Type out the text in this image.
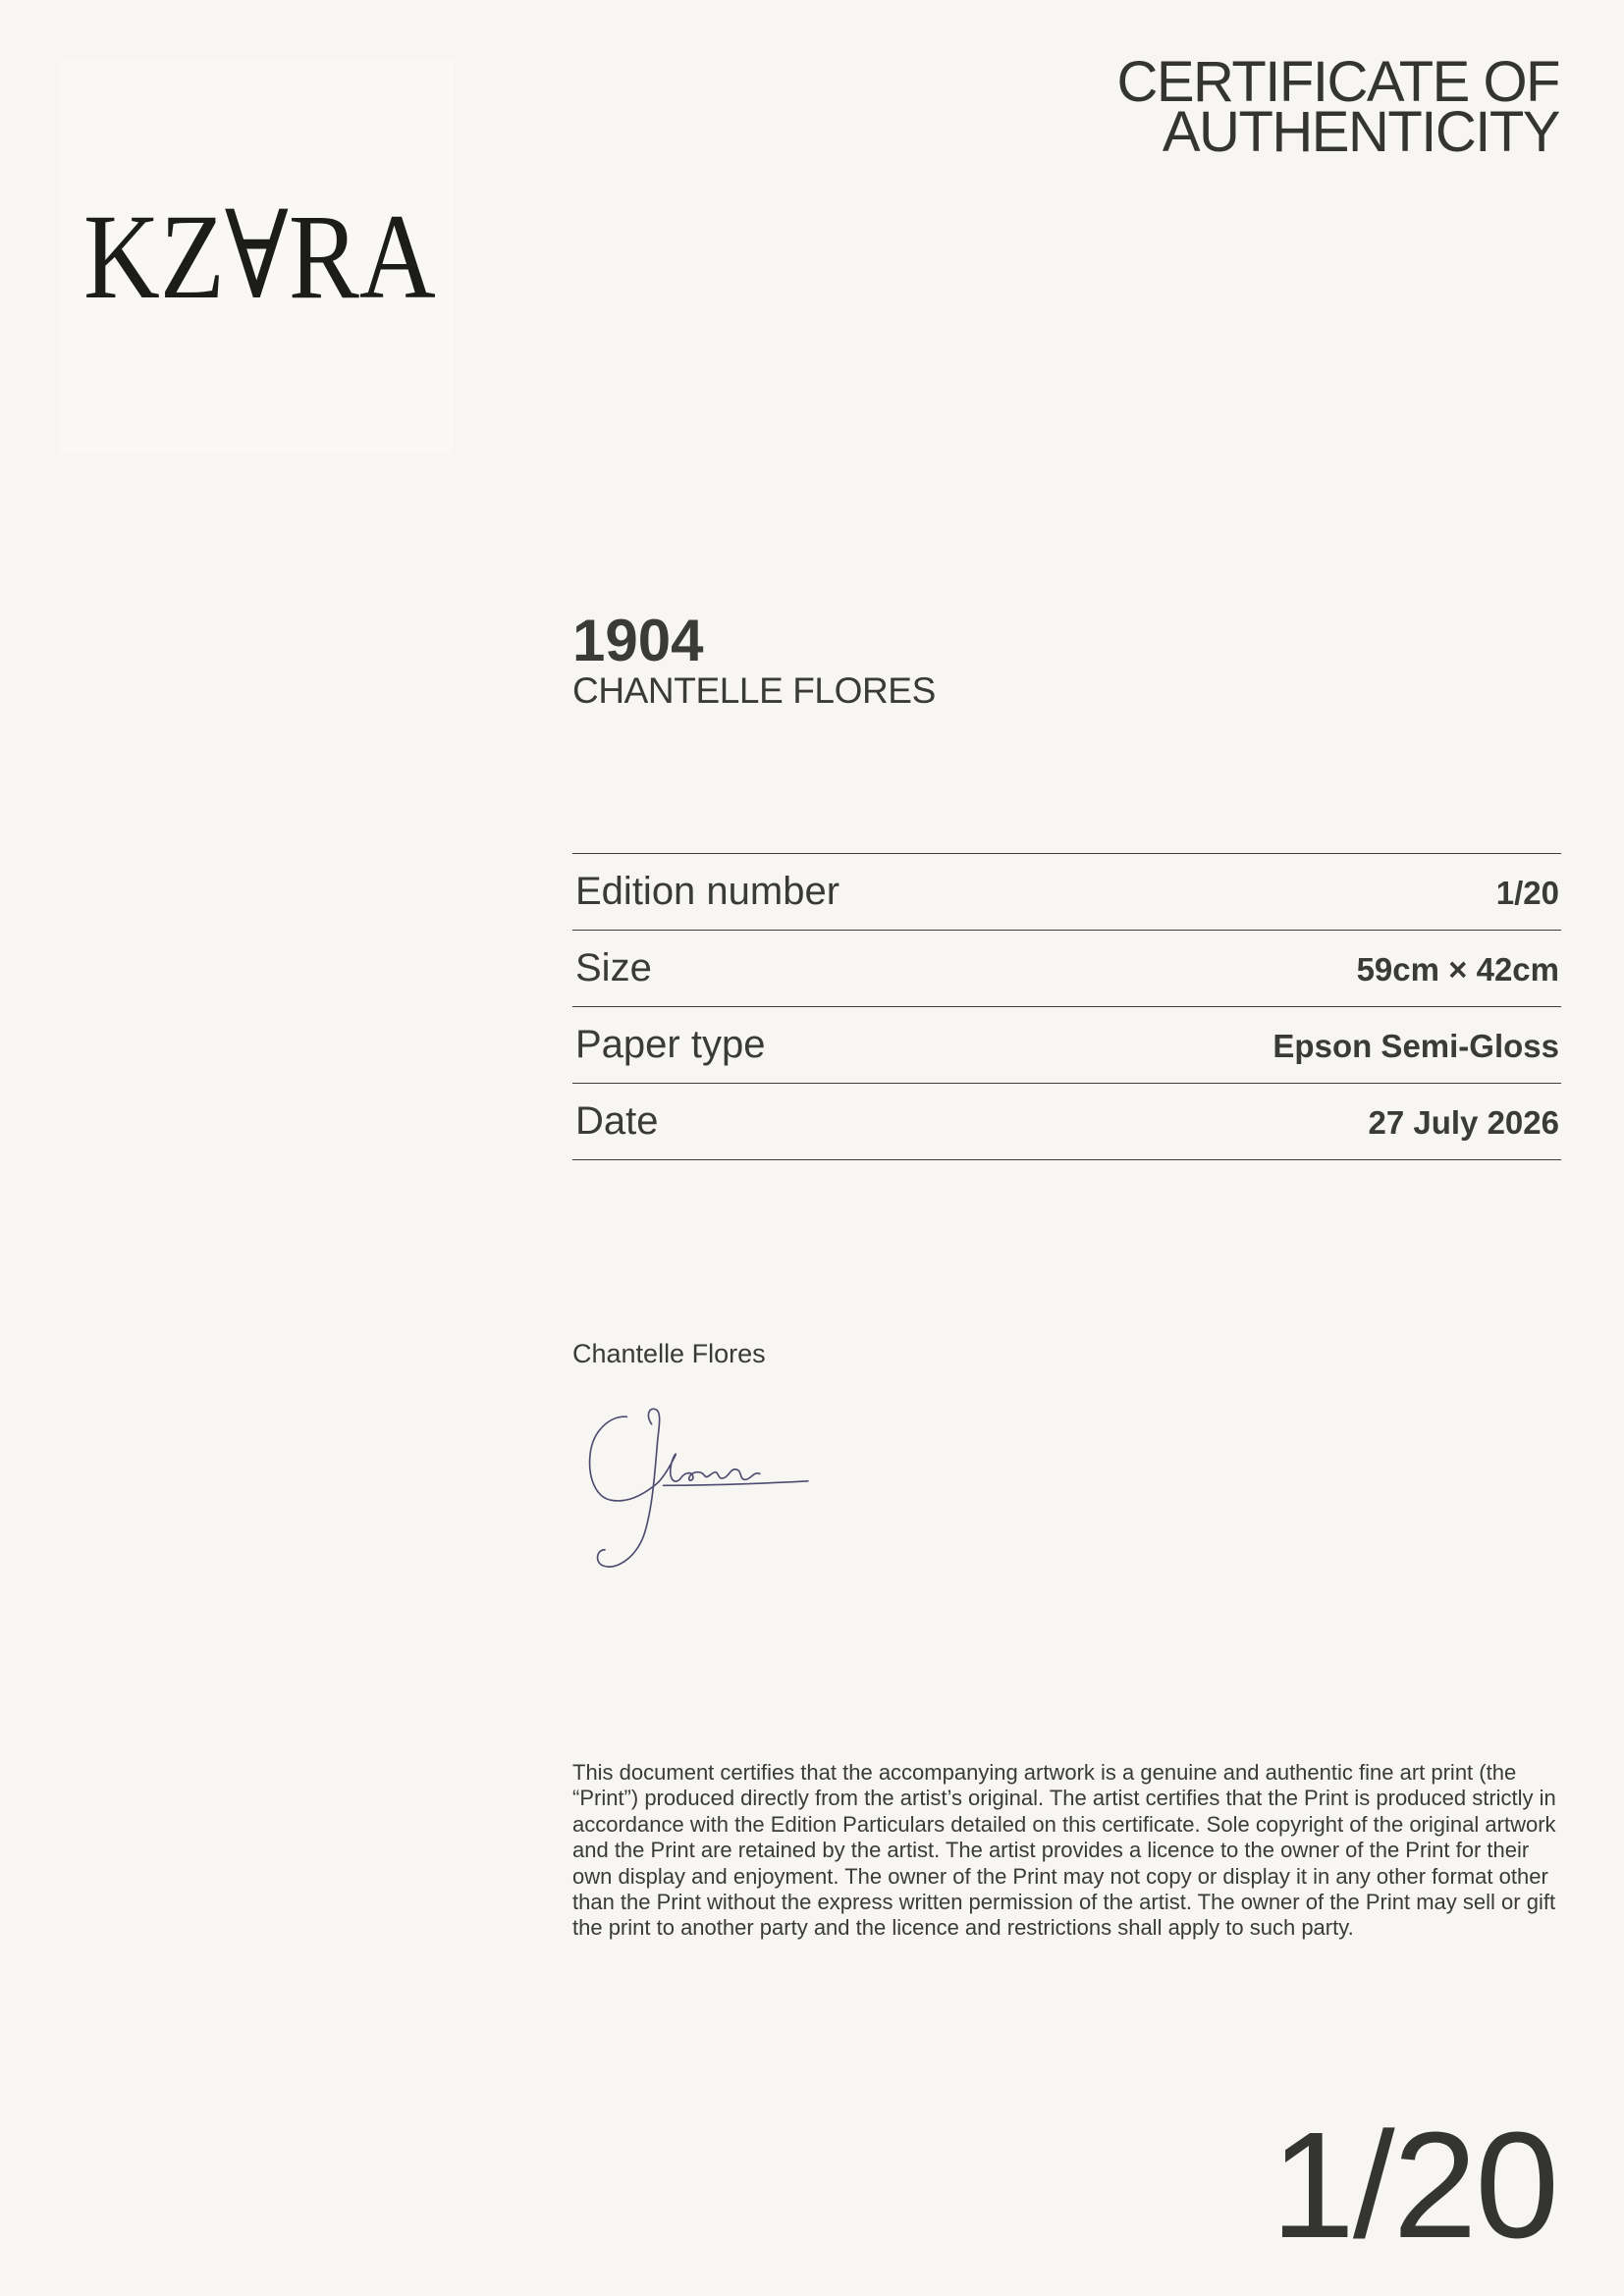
KZ∀RA
CERTIFICATE OF
AUTHENTICITY
1904
CHANTELLE FLORES
Edition number	1/20
Size	59cm × 42cm
Paper type	Epson Semi-Gloss
Date	27 July 2026
Chantelle Flores
This document certifies that the accompanying artwork is a genuine and authentic fine art print (the
“Print”) produced directly from the artist’s original. The artist certifies that the Print is produced strictly in
accordance with the Edition Particulars detailed on this certificate. Sole copyright of the original artwork
and the Print are retained by the artist. The artist provides a licence to the owner of the Print for their
own display and enjoyment. The owner of the Print may not copy or display it in any other format other
than the Print without the express written permission of the artist. The owner of the Print may sell or gift
the print to another party and the licence and restrictions shall apply to such party.
1/20
